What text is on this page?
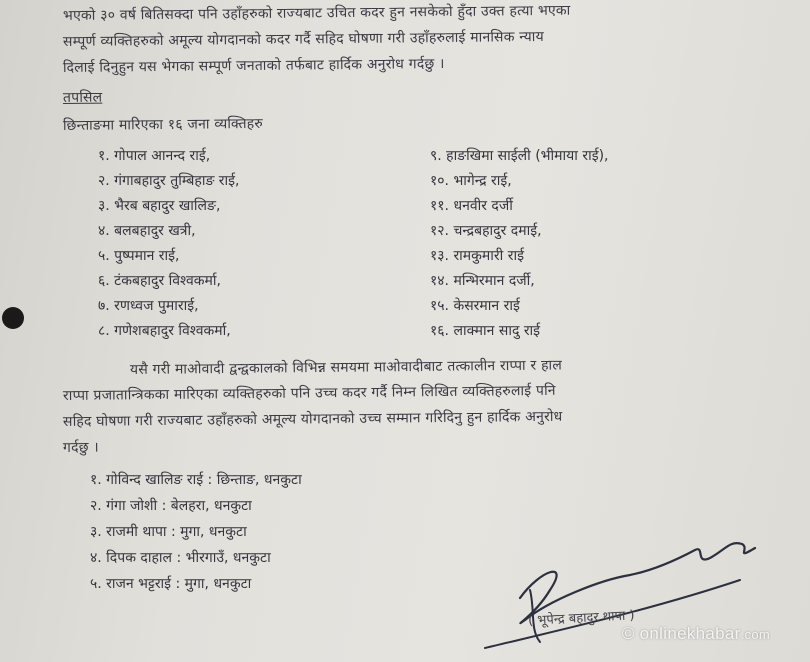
भएको ३० वर्ष बितिसक्दा पनि उहाँहरुको राज्यबाट उचित कदर हुन नसकेको हुँदा उक्त हत्या भएका
सम्पूर्ण व्यक्तिहरुको अमूल्य योगदानको कदर गर्दै सहिद घोषणा गरी उहाँहरुलाई मानसिक न्याय
दिलाई दिनुहुन यस भेगका सम्पूर्ण जनताको तर्फबाट हार्दिक अनुरोध गर्दछु ।
तपसिल
छिन्ताङमा मारिएका १६ जना व्यक्तिहरु
१. गोपाल आनन्द राई,
२. गंगाबहादुर तुम्बिहाङ राई,
३. भैरब बहादुर खालिङ,
४. बलबहादुर खत्री,
५. पुष्पमान राई,
६. टंकबहादुर विश्वकर्मा,
७. रणध्वज पुमाराई,
८. गणेशबहादुर विश्वकर्मा,
९. हाङखिमा साईली (भीमाया राई),
१०. भागेन्द्र राई,
११. धनवीर दर्जी
१२. चन्द्रबहादुर दमाई,
१३. रामकुमारी राई
१४. मन्भिरमान दर्जी,
१५. केसरमान राई
१६. लाक्मान सादु राई
यसै गरी माओवादी द्वन्द्वकालको विभिन्न समयमा माओवादीबाट तत्कालीन राप्पा र हाल
राप्पा प्रजातान्त्रिकका मारिएका व्यक्तिहरुको पनि उच्च कदर गर्दै निम्न लिखित व्यक्तिहरुलाई पनि
सहिद घोषणा गरी राज्यबाट उहाँहरुको अमूल्य योगदानको उच्च सम्मान गरिदिनु हुन हार्दिक अनुरोध
गर्दछु ।
१. गोविन्द खालिङ राई : छिन्ताङ, धनकुटा
२. गंगा जोशी : बेलहरा, धनकुटा
३. राजमी थापा : मुगा, धनकुटा
४. दिपक दाहाल : भीरगाउँ, धनकुटा
५. राजन भट्टराई : मुगा, धनकुटा
( भूपेन्द्र बहादुर थापा )
© onlinekhabar.com
